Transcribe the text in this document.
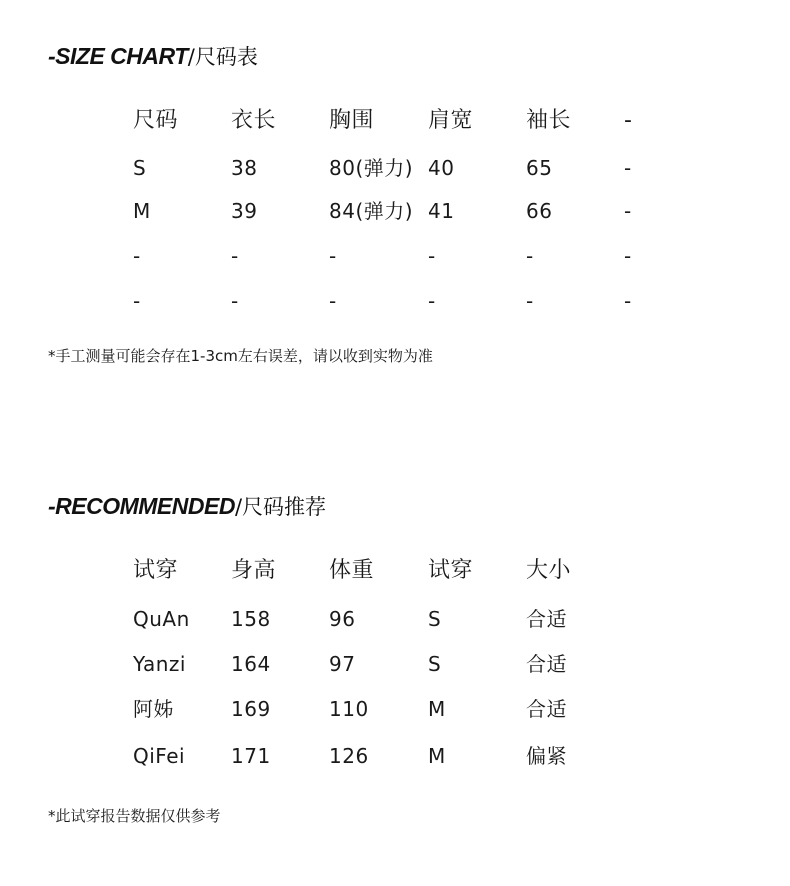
-SIZE CHART/尺码表
尺码 衣长 胸围 肩宽 袖长 -
S	38	80(弹力) 40	65	-
M	39	84(弹力) 41	66	-
-	-	-	-	-	-
-	-	-	-	-	-
*手工测量可能会存在1-3cm左右误差，请以收到实物为准
-RECOMMENDED/尺码推荐
试穿 身高 体重 试穿 大小
QuAn 158	96	S	合适
Yanzi 164	97	S	合适
阿姊	169	110	M	合适
QiFei 171	126	M	偏紧
*此试穿报告数据仅供参考
